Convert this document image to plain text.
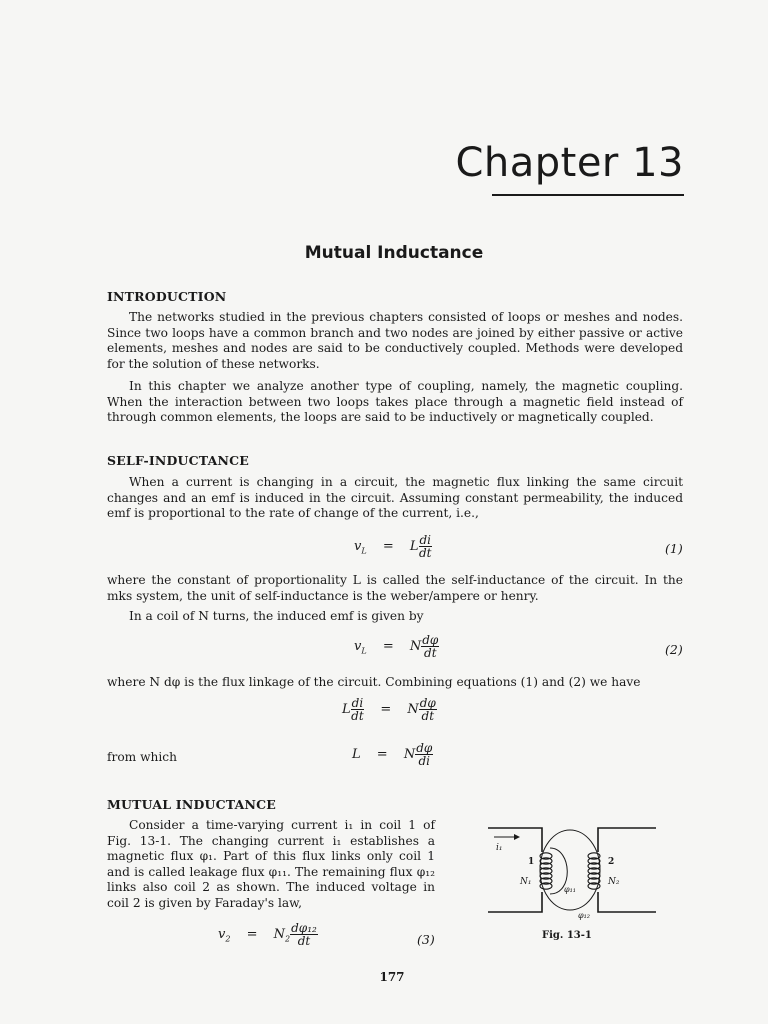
Chapter 13
Mutual Inductance
INTRODUCTION

The networks studied in the previous chapters consisted of loops or meshes and nodes. Since two loops have a common branch and two nodes are joined by either passive or active elements, meshes and nodes are said to be conductively coupled. Methods were developed for the solution of these networks.

In this chapter we analyze another type of coupling, namely, the magnetic coupling. When the interaction between two loops takes place through a magnetic field instead of through common elements, the loops are said to be inductively or magnetically coupled.

SELF-INDUCTANCE

When a current is changing in a circuit, the magnetic flux linking the same circuit changes and an emf is induced in the circuit. Assuming constant permeability, the induced emf is proportional to the rate of change of the current, i.e.,

$v_L = L \frac{di}{dt}$	(1)

where the constant of proportionality L is called the self-inductance of the circuit. In the mks system, the unit of self-inductance is the weber/ampere or henry.

In a coil of N turns, the induced emf is given by

$v_L = N \frac{d\varphi}{dt}$	(2)

where N dφ is the flux linkage of the circuit. Combining equations (1) and (2) we have

L $\frac{di}{dt} = N \frac{d\varphi}{dt}$
from which	L = N $\frac{d\varphi}{di}$
MUTUAL INDUCTANCE

Consider a time-varying current i₁ in coil 1 of Fig. 13-1. The changing current i₁ establishes a magnetic flux φ₁. Part of this flux links only coil 1 and is called leakage flux φ₁₁. The remaining flux φ₁₂ links also coil 2 as shown. The induced voltage in coil 2 is given by Faraday's law,

$v_2 = N_2 \frac{\text{dφ₁₂}}{dt}$	(3)
i₁
1	2
N₁	N₂
φ₁₁
φ₁₂
Fig. 13-1
177
